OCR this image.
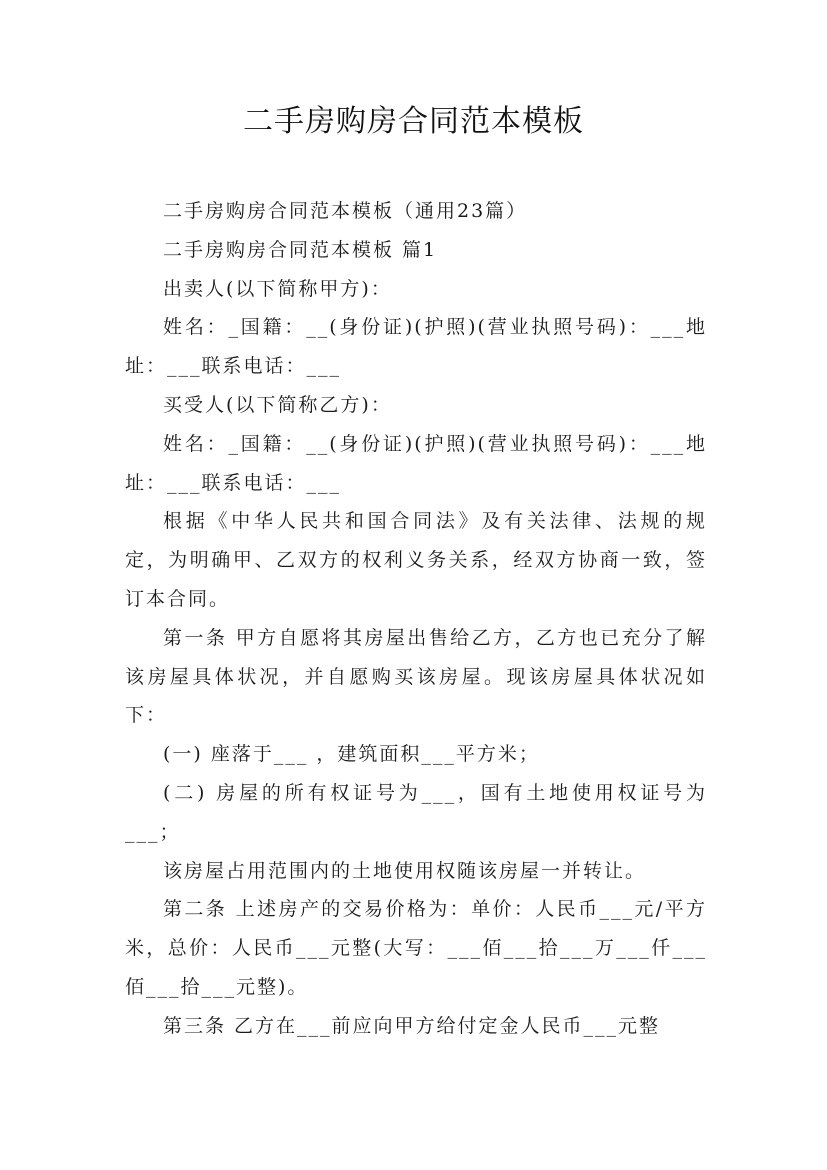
二手房购房合同范本模板

二手房购房合同范本模板（通用23篇）

二手房购房合同范本模板 篇1

出卖人(以下简称甲方)：

姓名：_国籍：__(身份证)(护照)(营业执照号码)：___地址：___联系电话：___

买受人(以下简称乙方)：

姓名：_国籍：__(身份证)(护照)(营业执照号码)：___地址：___联系电话：___

根据《中华人民共和国合同法》及有关法律、法规的规定，为明确甲、乙双方的权利义务关系，经双方协商一致，签订本合同。

第一条 甲方自愿将其房屋出售给乙方，乙方也已充分了解该房屋具体状况，并自愿购买该房屋。现该房屋具体状况如下：

(一) 座落于___ ，建筑面积___平方米；

(二) 房屋的所有权证号为___，国有土地使用权证号为___；

该房屋占用范围内的土地使用权随该房屋一并转让。

第二条 上述房产的交易价格为：单价：人民币___元/平方米，总价：人民币___元整(大写：___佰___拾___万___仟___佰___拾___元整)。

第三条 乙方在___前应向甲方给付定金人民币___元整
